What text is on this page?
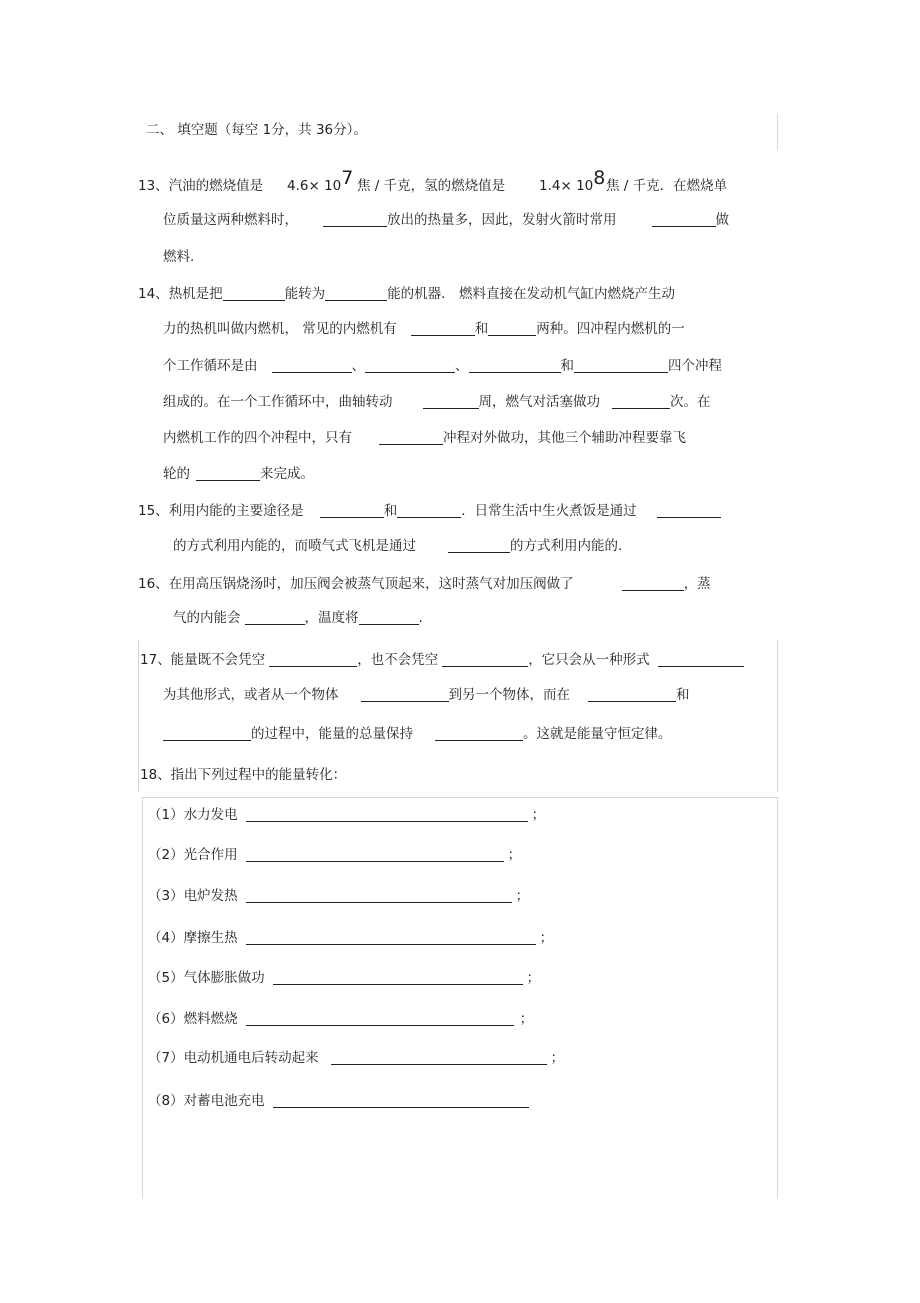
二、 填空题（每空 1分，共 36分）。
13、汽油的燃烧值是 $4.6\times 10^7$ 焦 / 千克，氢的燃烧值是	$1.4\times 10^8$ 焦 / 千克．在燃烧单
位质量这两种燃料时，	放出的热量多，因此，发射火箭时常用	做
燃料.
14、热机是把	能转为	能的机器． 燃料直接在发动机气缸内燃烧产生动
力的热机叫做内燃机， 常见的内燃机有	和	两种。四冲程内燃机的一
个工作循环是由	、	、	和	四个冲程
组成的。在一个工作循环中，曲轴转动	周，燃气对活塞做功	次。在
内燃机工作的四个冲程中，只有	冲程对外做功，其他三个辅助冲程要靠飞
轮的	来完成。
15、利用内能的主要途径是	和	．日常生活中生火煮饭是通过
的方式利用内能的，而喷气式飞机是通过	的方式利用内能的.
16、在用高压锅烧汤时，加压阀会被蒸气顶起来，这时蒸气对加压阀做了	，蒸
气的内能会	，温度将	.
17、能量既不会凭空	，也不会凭空	，它只会从一种形式
为其他形式，或者从一个物体	到另一个物体，而在	和
的过程中，能量的总量保持	。这就是能量守恒定律。
18、指出下列过程中的能量转化：
（1）水力发电	；
（2）光合作用	；
（3）电炉发热	；
（4）摩擦生热	；
（5）气体膨胀做功	；
（6）燃料燃烧	；
（7）电动机通电后转动起来	；
（8）对蓄电池充电
